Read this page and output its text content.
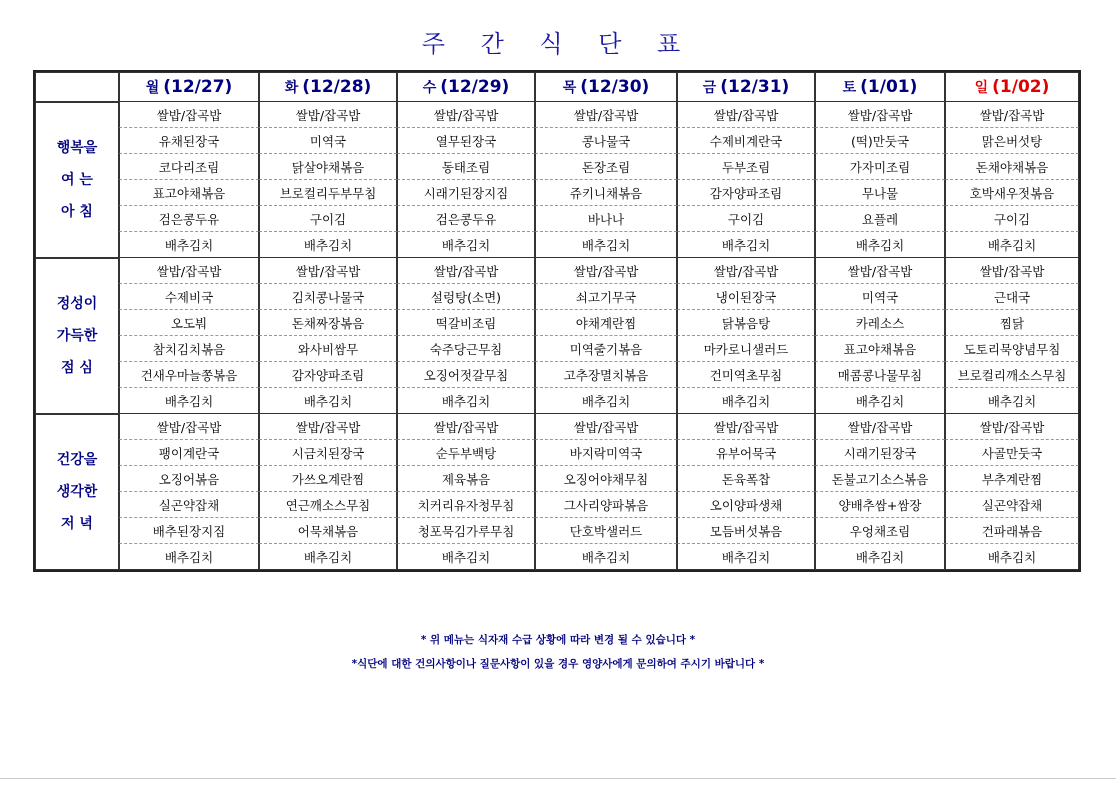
주 간 식 단 표
	월 (12/27)	화 (12/28)	수 (12/29)	목 (12/30)	금 (12/31)	토 (1/01)	일 (1/02)

행복을
여 는
아 침	쌀밥/잡곡밥	쌀밥/잡곡밥	쌀밥/잡곡밥	쌀밥/잡곡밥	쌀밥/잡곡밥	쌀밥/잡곡밥	쌀밥/잡곡밥
	유채된장국	미역국	열무된장국	콩나물국	수제비계란국	(떡)만둣국	맑은버섯탕
	코다리조림	닭살야채볶음	동태조림	돈장조림	두부조림	가자미조림	돈채야채볶음
	표고야채볶음	브로컬리두부무침	시래기된장지짐	쥬키니채볶음	감자양파조림	무나물	호박새우젓볶음
	검은콩두유	구이김	검은콩두유	바나나	구이김	요플레	구이김
	배추김치	배추김치	배추김치	배추김치	배추김치	배추김치	배추김치

정성이
가득한
점 심	쌀밥/잡곡밥	쌀밥/잡곡밥	쌀밥/잡곡밥	쌀밥/잡곡밥	쌀밥/잡곡밥	쌀밥/잡곡밥	쌀밥/잡곡밥
	수제비국	김치콩나물국	설렁탕(소면)	쇠고기무국	냉이된장국	미역국	근대국
	오도붜	돈채짜장볶음	떡갈비조림	야채계란찜	닭볶음탕	카레소스	찜닭
	참치김치볶음	와사비쌈무	숙주당근무침	미역줄기볶음	마카로니샐러드	표고야채볶음	도토리묵양념무침
	건새우마늘쫑볶음	감자양파조림	오징어젓갈무침	고추장멸치볶음	건미역초무침	매콤콩나물무침	브로컬리깨소스무침
	배추김치	배추김치	배추김치	배추김치	배추김치	배추김치	배추김치

건강을
생각한
저 녁	쌀밥/잡곡밥	쌀밥/잡곡밥	쌀밥/잡곡밥	쌀밥/잡곡밥	쌀밥/잡곡밥	쌀밥/잡곡밥	쌀밥/잡곡밥
	팽이계란국	시금치된장국	순두부백탕	바지락미역국	유부어묵국	시래기된장국	사골만둣국
	오징어볶음	가쓰오계란찜	제육볶음	오징어야채무침	돈육폭찹	돈불고기소스볶음	부추계란찜
	실곤약잡채	연근깨소스무침	치커리유자청무침	그사리양파볶음	오이양파생채	양배추쌈+쌈장	실곤약잡채
	배추된장지짐	어묵채볶음	청포묵김가루무침	단호박샐러드	모듬버섯볶음	우엉채조림	건파래볶음
	배추김치	배추김치	배추김치	배추김치	배추김치	배추김치	배추김치
* 위 메뉴는 식자재 수급 상황에 따라 변경 될 수 있습니다 *
*식단에 대한 건의사항이나 질문사항이 있을 경우 영양사에게 문의하여 주시기 바랍니다 *
